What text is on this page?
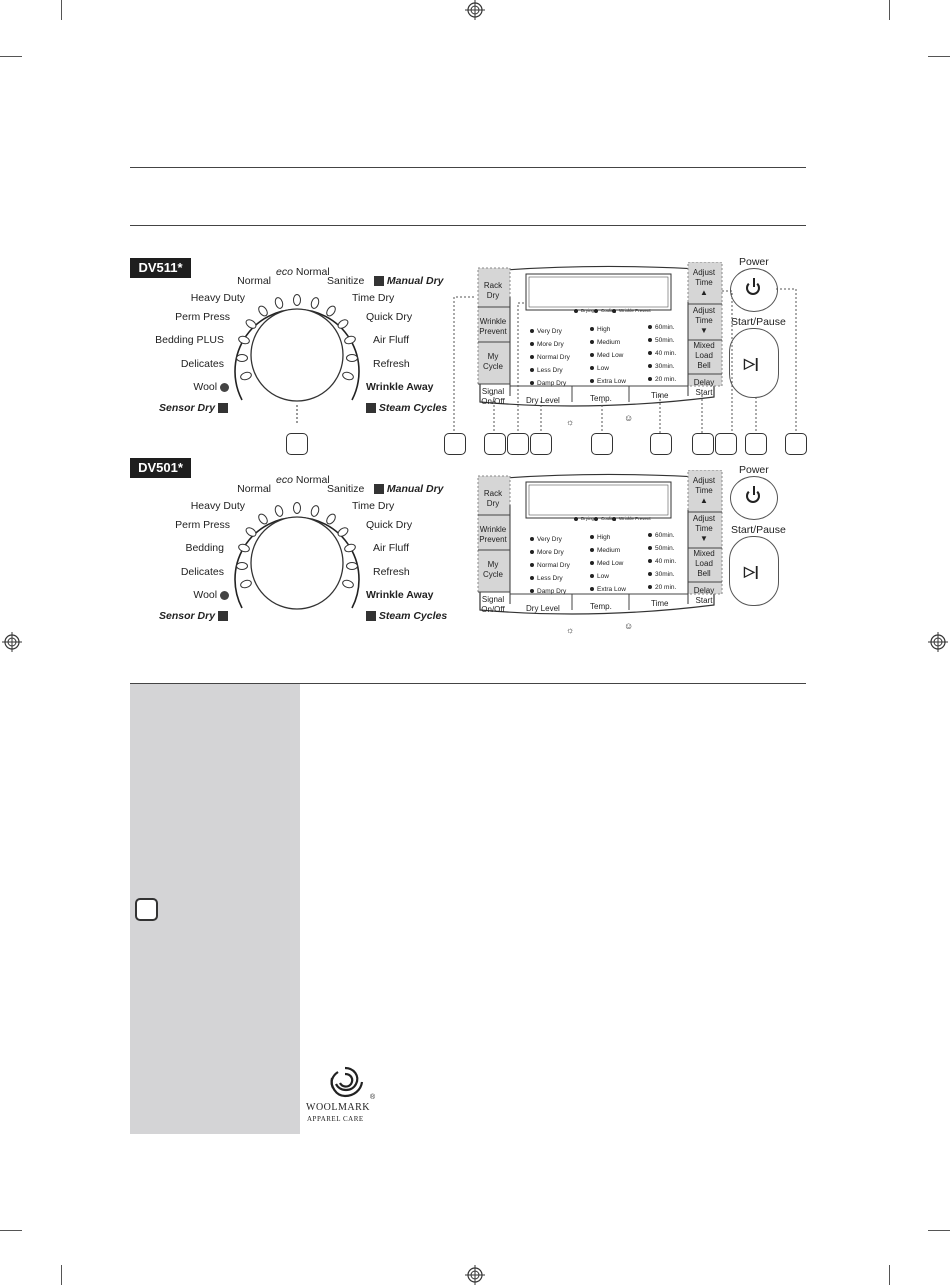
DV511*	eco Normal
Normal
Heavy Duty
Perm Press
Bedding PLUS
Delicates
Wool
Sensor Dry
Sanitize	Manual Dry
Time Dry
Quick Dry
Air Fluff
Refresh
Wrinkle Away
Steam Cycles
Rack
Dry
Wrinkle
Prevent
My
Cycle
Signal
On/Off
Drying	Cooling Wrinkle Prevent
Very Dry
More Dry
Normal Dry
Less Dry
Damp Dry
High
Medium
Med Low
Low
Extra Low
60min.
50min.
40 min.
30min.
20 min.
Dry Level	Temp.	Time
☼	☺
Adjust
Time
▲
Adjust
Time
▼
Mixed
Load
Bell
Delay
Start
Power
Start/Pause
▷|
DV501*
eco Normal
Normal
Heavy Duty
Perm Press
Bedding
Delicates
Wool
Sensor Dry
Sanitize	Manual Dry
Time Dry
Quick Dry
Air Fluff
Refresh
Wrinkle Away
Steam Cycles
Rack
Dry
Wrinkle
Prevent
My
Cycle
Signal
On/Off
Drying	Cooling Wrinkle Prevent
Very Dry
More Dry
Normal Dry
Less Dry
Damp Dry
High
Medium
Med Low
Low
Extra Low
60min.
50min.
40 min.
30min.
20 min.
Dry Level	Temp.	Time
☼	☺
Adjust
Time
▲
Adjust
Time
▼
Mixed
Load
Bell
Delay
Start
Power
Start/Pause
▷|
®
WOOLMARK
APPAREL CARE
